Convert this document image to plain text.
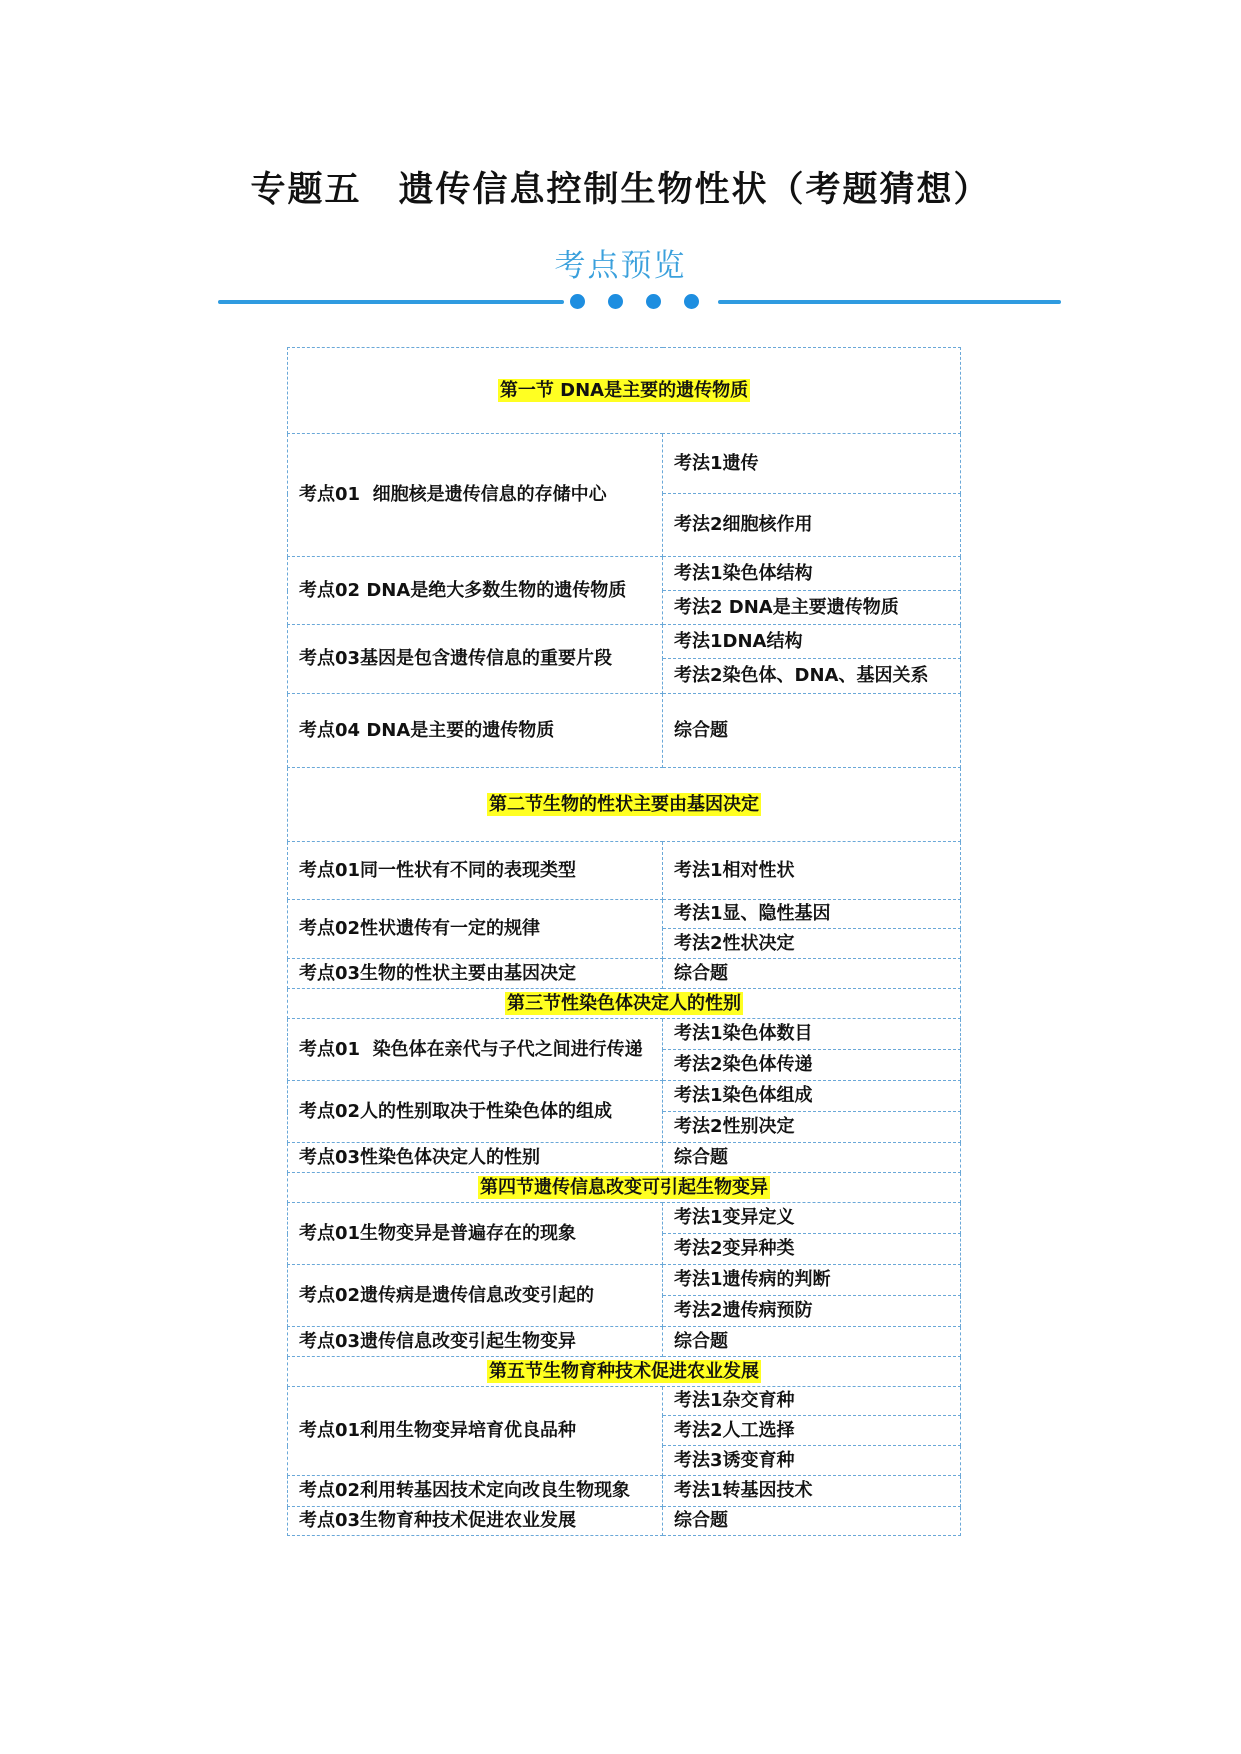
专题五　遗传信息控制生物性状（考题猜想）
考点预览
第一节 DNA是主要的遗传物质	
考点01  细胞核是遗传信息的存储中心	考法1遗传
	考法2细胞核作用
考点02 DNA是绝大多数生物的遗传物质	考法1染色体结构
	考法2 DNA是主要遗传物质
考点03基因是包含遗传信息的重要片段	考法1DNA结构
	考法2染色体、DNA、基因关系
考点04 DNA是主要的遗传物质	综合题
第二节生物的性状主要由基因决定	
考点01同一性状有不同的表现类型	考法1相对性状
考点02性状遗传有一定的规律	考法1显、隐性基因
	考法2性状决定
考点03生物的性状主要由基因决定	综合题
第三节性染色体决定人的性别	
考点01  染色体在亲代与子代之间进行传递	考法1染色体数目
	考法2染色体传递
考点02人的性别取决于性染色体的组成	考法1染色体组成
	考法2性别决定
考点03性染色体决定人的性别	综合题
第四节遗传信息改变可引起生物变异	
考点01生物变异是普遍存在的现象	考法1变异定义
	考法2变异种类
考点02遗传病是遗传信息改变引起的	考法1遗传病的判断
	考法2遗传病预防
考点03遗传信息改变引起生物变异	综合题
第五节生物育种技术促进农业发展	
考点01利用生物变异培育优良品种	考法1杂交育种
	考法2人工选择
	考法3诱变育种
考点02利用转基因技术定向改良生物现象	考法1转基因技术
考点03生物育种技术促进农业发展	综合题
